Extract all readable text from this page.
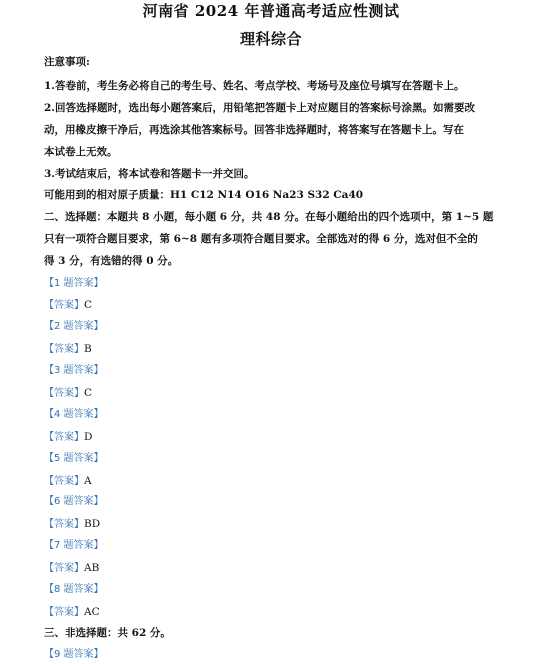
河南省 2024 年普通高考适应性测试
理科综合
注意事项:
1.答卷前，考生务必将自己的考生号、姓名、考点学校、考场号及座位号填写在答题卡上。
2.回答选择题时，选出每小题答案后，用铅笔把答题卡上对应题目的答案标号涂黑。如需要改
动，用橡皮擦干净后，再选涂其他答案标号。回答非选择题时，将答案写在答题卡上。写在
本试卷上无效。
3.考试结束后，将本试卷和答题卡一并交回。
可能用到的相对原子质量：H1 C12 N14 O16 Na23 S32 Ca40
二、选择题：本题共 8 小题，每小题 6 分，共 48 分。在每小题给出的四个选项中，第 1~5 题
只有一项符合题目要求，第 6~8 题有多项符合题目要求。全部选对的得 6 分，选对但不全的
得 3 分，有选错的得 0 分。
【1 题答案】
【答案】C
【2 题答案】
【答案】B
【3 题答案】
【答案】C
【4 题答案】
【答案】D
【5 题答案】
【答案】A
【6 题答案】
【答案】BD
【7 题答案】
【答案】AB
【8 题答案】
【答案】AC
三、非选择题：共 62 分。
【9 题答案】
